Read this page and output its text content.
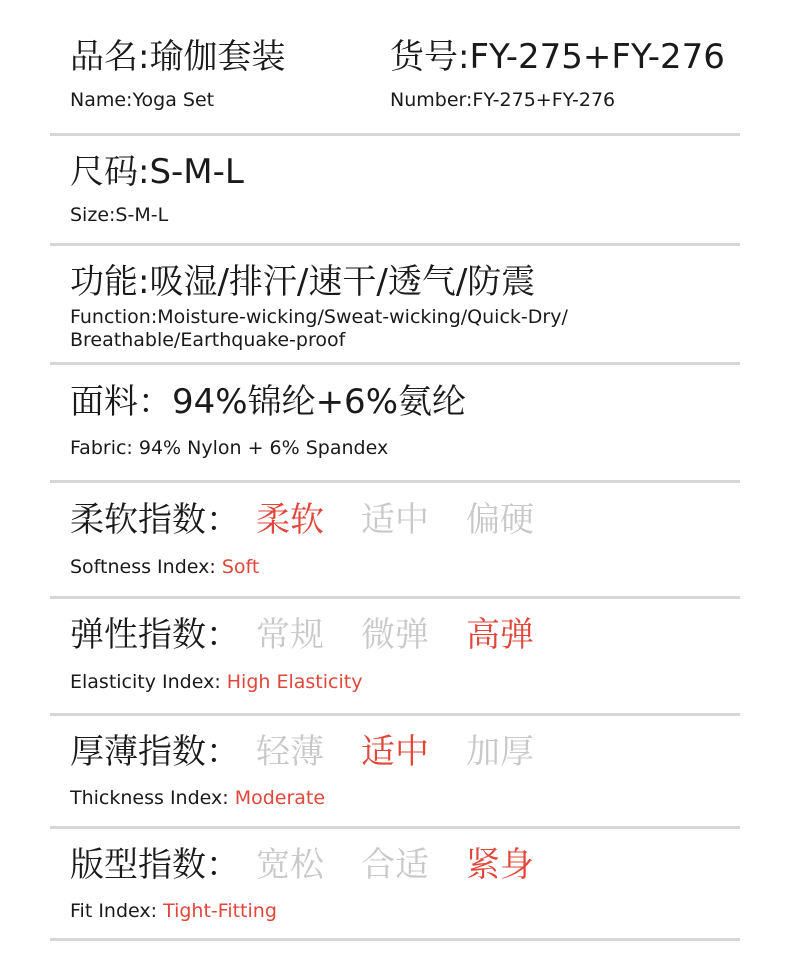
品名:瑜伽套装
Name:Yoga Set
货号:FY-275+FY-276
Number:FY-275+FY-276
尺码:S-M-L
Size:S-M-L
功能:吸湿/排汗/速干/透气/防震
Function:Moisture-wicking/Sweat-wicking/Quick-Dry/
Breathable/Earthquake-proof
面料：94%锦纶+6%氨纶
Fabric: 94% Nylon + 6% Spandex
柔软指数： 柔软 适中 偏硬
Softness Index: Soft
弹性指数： 常规 微弹 高弹
Elasticity Index: High Elasticity
厚薄指数： 轻薄 适中 加厚
Thickness Index: Moderate
版型指数： 宽松 合适 紧身
Fit Index: Tight-Fitting
